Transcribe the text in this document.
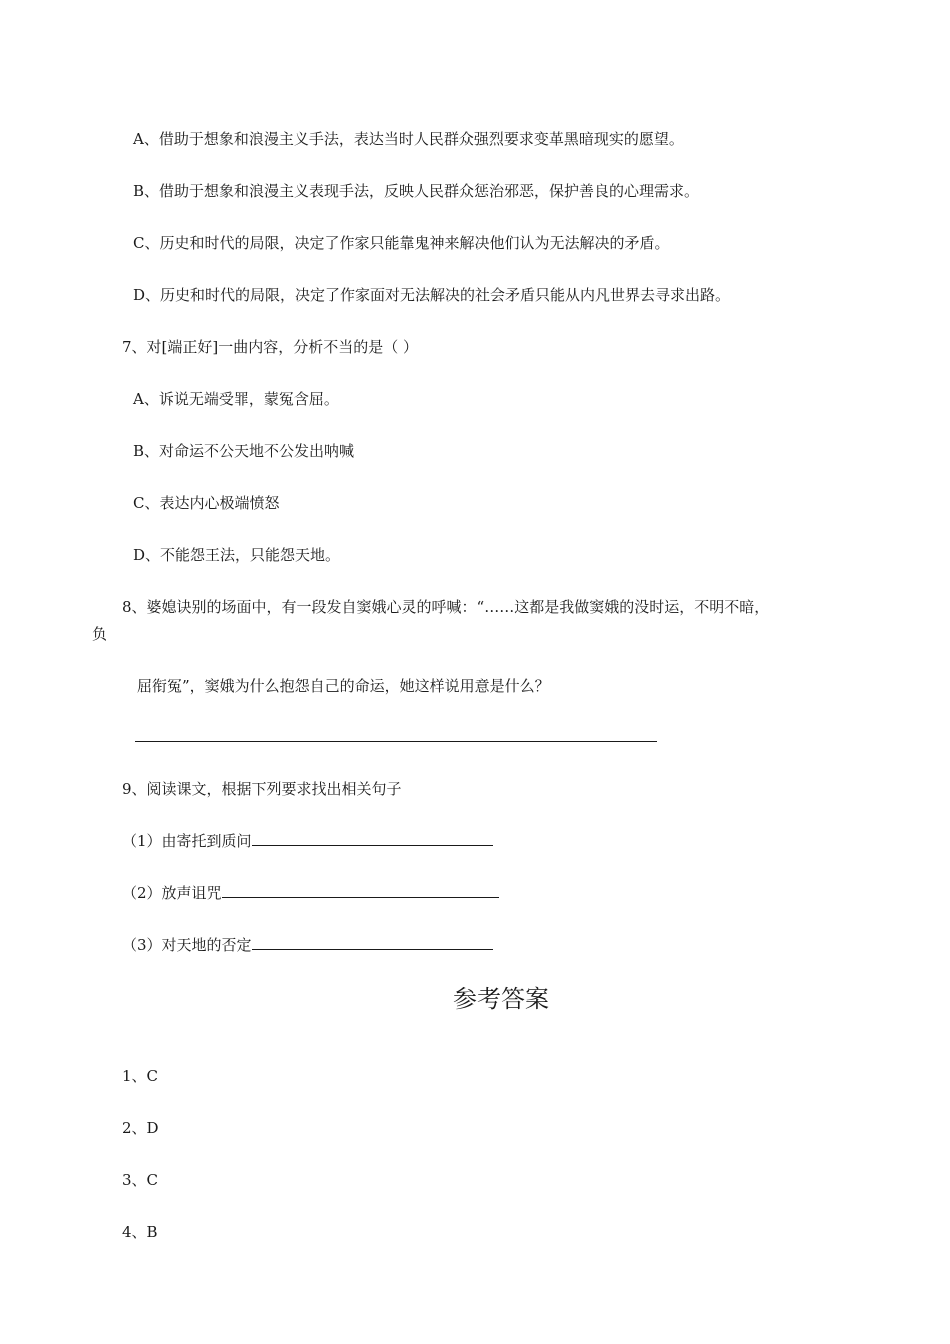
A、借助于想象和浪漫主义手法，表达当时人民群众强烈要求变革黑暗现实的愿望。
B、借助于想象和浪漫主义表现手法，反映人民群众惩治邪恶，保护善良的心理需求。
C、历史和时代的局限，决定了作家只能靠鬼神来解决他们认为无法解决的矛盾。
D、历史和时代的局限，决定了作家面对无法解决的社会矛盾只能从内凡世界去寻求出路。
7、对[端正好]一曲内容，分析不当的是（ ）
A、诉说无端受罪，蒙冤含屈。
B、对命运不公天地不公发出呐喊
C、表达内心极端愤怒
D、不能怨王法，只能怨天地。
8、婆媳诀别的场面中，有一段发自窦娥心灵的呼喊：“……这都是我做窦娥的没时运，不明不暗，
负
屈衔冤”，窦娥为什么抱怨自己的命运，她这样说用意是什么？
9、阅读课文，根据下列要求找出相关句子
（1）由寄托到质问
（2）放声诅咒
（3）对天地的否定
参考答案
1、C
2、D
3、C
4、B
